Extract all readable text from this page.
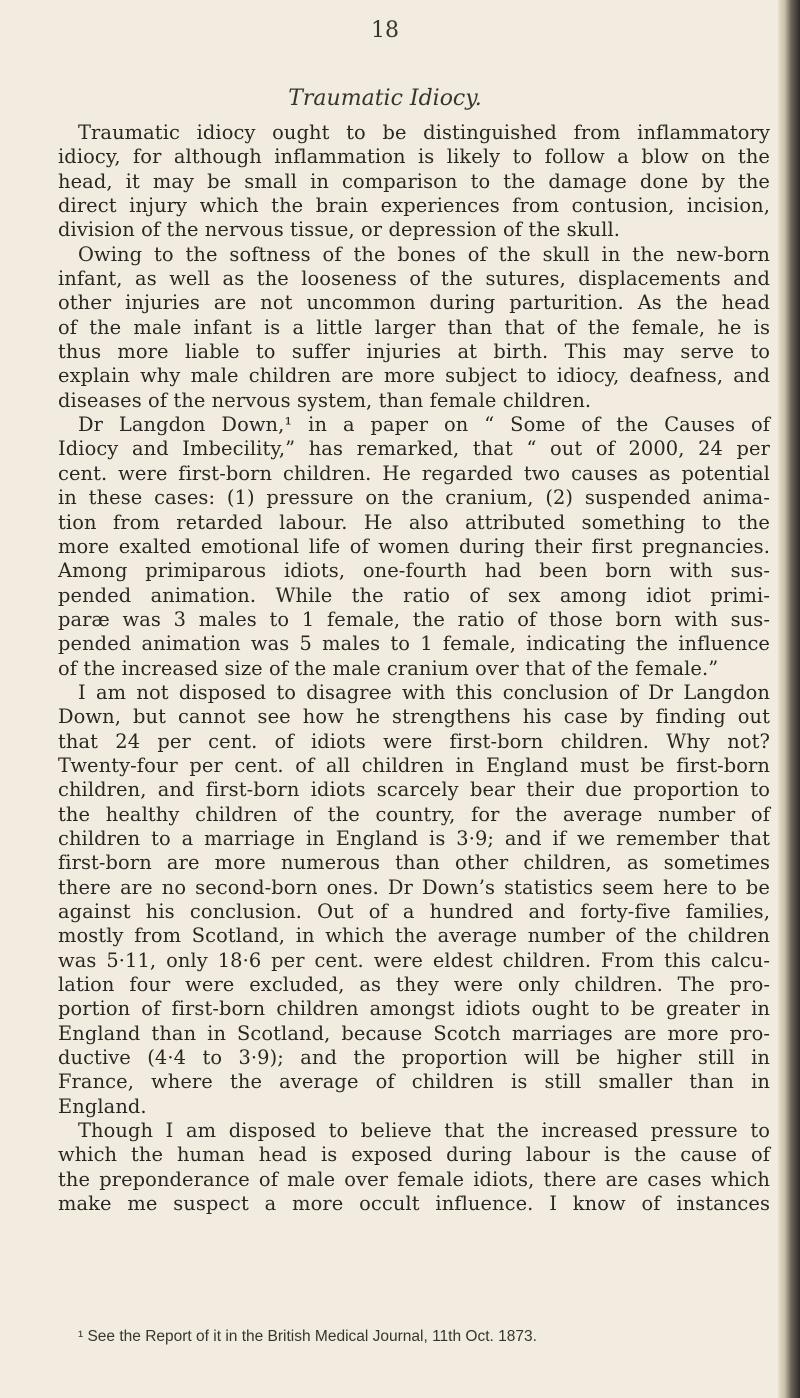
18
Traumatic Idiocy.
Traumatic idiocy ought to be distinguished from inflammatory
idiocy, for although inflammation is likely to follow a blow on the
head, it may be small in comparison to the damage done by the
direct injury which the brain experiences from contusion, incision,
division of the nervous tissue, or depression of the skull.
Owing to the softness of the bones of the skull in the new-born
infant, as well as the looseness of the sutures, displacements and
other injuries are not uncommon during parturition. As the head
of the male infant is a little larger than that of the female, he is
thus more liable to suffer injuries at birth. This may serve to
explain why male children are more subject to idiocy, deafness, and
diseases of the nervous system, than female children.
Dr Langdon Down,¹ in a paper on “ Some of the Causes of
Idiocy and Imbecility,” has remarked, that “ out of 2000, 24 per
cent. were first-born children. He regarded two causes as potential
in these cases: (1) pressure on the cranium, (2) suspended anima-
tion from retarded labour. He also attributed something to the
more exalted emotional life of women during their first pregnancies.
Among primiparous idiots, one-fourth had been born with sus-
pended animation. While the ratio of sex among idiot primi-
paræ was 3 males to 1 female, the ratio of those born with sus-
pended animation was 5 males to 1 female, indicating the influence
of the increased size of the male cranium over that of the female.”
I am not disposed to disagree with this conclusion of Dr Langdon
Down, but cannot see how he strengthens his case by finding out
that 24 per cent. of idiots were first-born children. Why not?
Twenty-four per cent. of all children in England must be first-born
children, and first-born idiots scarcely bear their due proportion to
the healthy children of the country, for the average number of
children to a marriage in England is 3·9; and if we remember that
first-born are more numerous than other children, as sometimes
there are no second-born ones. Dr Down’s statistics seem here to be
against his conclusion. Out of a hundred and forty-five families,
mostly from Scotland, in which the average number of the children
was 5·11, only 18·6 per cent. were eldest children. From this calcu-
lation four were excluded, as they were only children. The pro-
portion of first-born children amongst idiots ought to be greater in
England than in Scotland, because Scotch marriages are more pro-
ductive (4·4 to 3·9); and the proportion will be higher still in
France, where the average of children is still smaller than in
England.
Though I am disposed to believe that the increased pressure to
which the human head is exposed during labour is the cause of
the preponderance of male over female idiots, there are cases which
make me suspect a more occult influence. I know of instances
¹ See the Report of it in the British Medical Journal, 11th Oct. 1873.
